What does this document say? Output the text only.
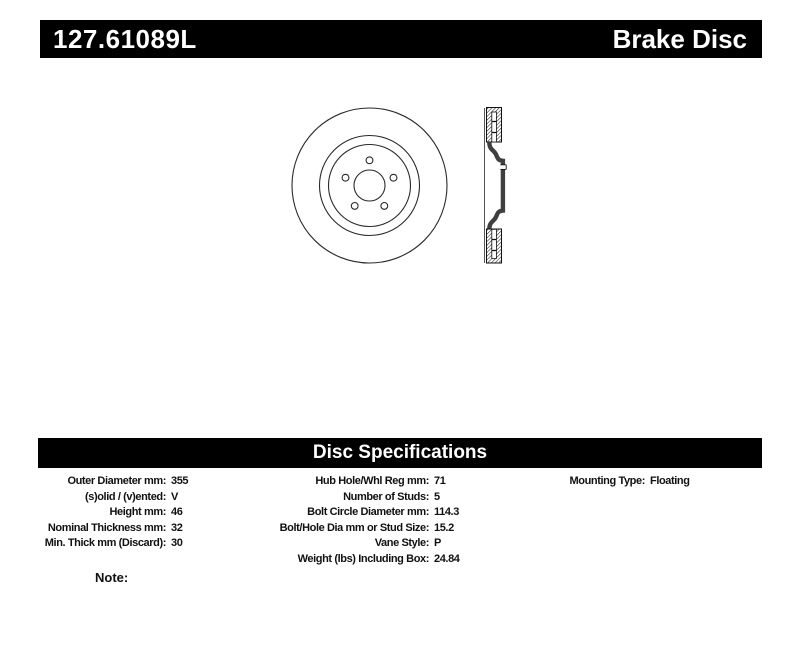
127.61089L	Brake Disc
Disc Specifications
Outer Diameter mm: 355
(s)olid / (v)ented: V
Height mm: 46
Nominal Thickness mm: 32
Min. Thick mm (Discard): 30
Hub Hole/Whl Reg mm: 71
Number of Studs: 5
Bolt Circle Diameter mm: 114.3
Bolt/Hole Dia mm or Stud Size: 15.2
Vane Style: P
Weight (lbs) Including Box: 24.84
Mounting Type: Floating
Note:
